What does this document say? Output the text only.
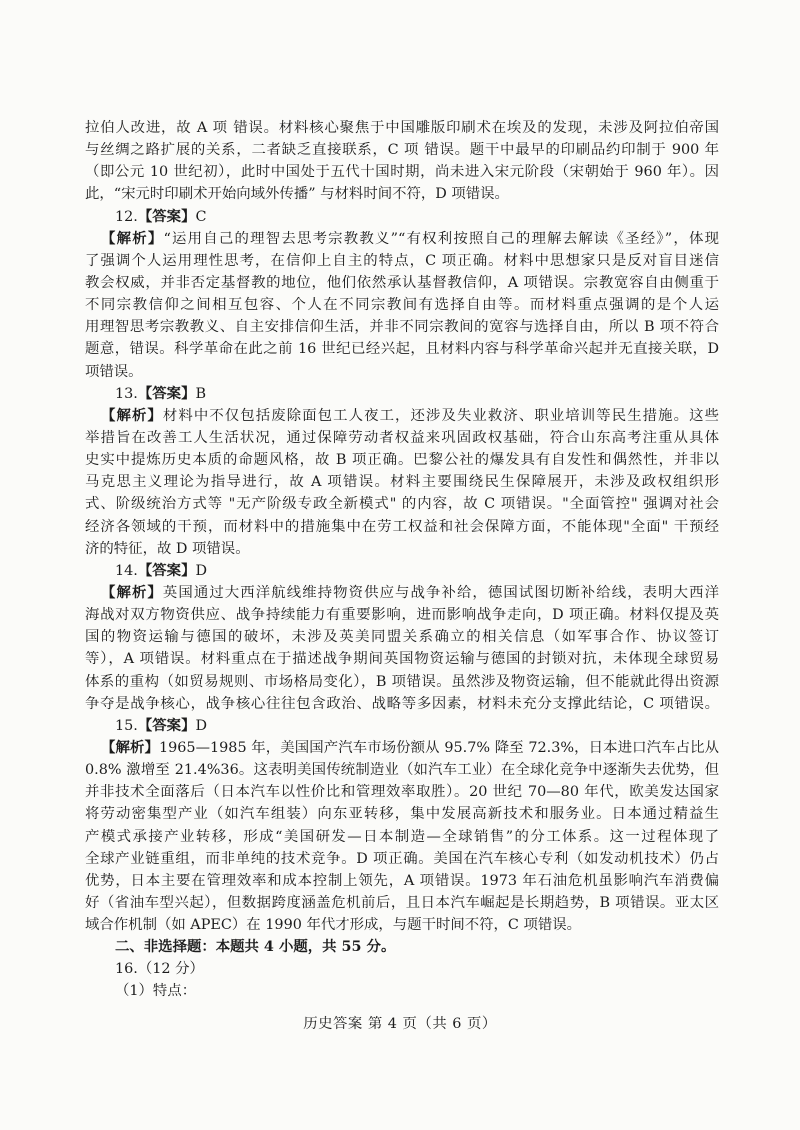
拉伯人改进，故 A 项 错误。材料核心聚焦于中国雕版印刷术在埃及的发现，未涉及阿拉伯帝国
与丝绸之路扩展的关系，二者缺乏直接联系，C 项 错误。题干中最早的印刷品约印制于 900 年
（即公元 10 世纪初），此时中国处于五代十国时期，尚未进入宋元阶段（宋朝始于 960 年）。因
此，“宋元时印刷术开始向域外传播” 与材料时间不符，D 项错误。
12.【答案】C
【解析】“运用自己的理智去思考宗教教义”“有权利按照自己的理解去解读《圣经》”，体现
了强调个人运用理性思考，在信仰上自主的特点，C 项正确。材料中思想家只是反对盲目迷信
教会权威，并非否定基督教的地位，他们依然承认基督教信仰，A 项错误。宗教宽容自由侧重于
不同宗教信仰之间相互包容、个人在不同宗教间有选择自由等。而材料重点强调的是个人运
用理智思考宗教教义、自主安排信仰生活，并非不同宗教间的宽容与选择自由，所以 B 项不符合
题意，错误。科学革命在此之前 16 世纪已经兴起，且材料内容与科学革命兴起并无直接关联，D
项错误。
13.【答案】B
【解析】材料中不仅包括废除面包工人夜工，还涉及失业救济、职业培训等民生措施。这些
举措旨在改善工人生活状况，通过保障劳动者权益来巩固政权基础，符合山东高考注重从具体
史实中提炼历史本质的命题风格，故 B 项正确。巴黎公社的爆发具有自发性和偶然性，并非以
马克思主义理论为指导进行，故 A 项错误。材料主要围绕民生保障展开，未涉及政权组织形
式、阶级统治方式等 "无产阶级专政全新模式" 的内容，故 C 项错误。"全面管控" 强调对社会
经济各领域的干预，而材料中的措施集中在劳工权益和社会保障方面，不能体现"全面" 干预经
济的特征，故 D 项错误。
14.【答案】D
【解析】英国通过大西洋航线维持物资供应与战争补给，德国试图切断补给线，表明大西洋
海战对双方物资供应、战争持续能力有重要影响，进而影响战争走向，D 项正确。材料仅提及英
国的物资运输与德国的破坏，未涉及英美同盟关系确立的相关信息（如军事合作、协议签订
等），A 项错误。材料重点在于描述战争期间英国物资运输与德国的封锁对抗，未体现全球贸易
体系的重构（如贸易规则、市场格局变化），B 项错误。虽然涉及物资运输，但不能就此得出资源
争夺是战争核心，战争核心往往包含政治、战略等多因素，材料未充分支撑此结论，C 项错误。
15.【答案】D
【解析】1965—1985 年，美国国产汽车市场份额从 95.7% 降至 72.3%，日本进口汽车占比从
0.8% 激增至 21.4%36。这表明美国传统制造业（如汽车工业）在全球化竞争中逐渐失去优势，但
并非技术全面落后（日本汽车以性价比和管理效率取胜）。20 世纪 70—80 年代，欧美发达国家
将劳动密集型产业（如汽车组装）向东亚转移，集中发展高新技术和服务业。日本通过精益生
产模式承接产业转移，形成“美国研发—日本制造—全球销售”的分工体系。这一过程体现了
全球产业链重组，而非单纯的技术竞争。D 项正确。美国在汽车核心专利（如发动机技术）仍占
优势，日本主要在管理效率和成本控制上领先，A 项错误。1973 年石油危机虽影响汽车消费偏
好（省油车型兴起），但数据跨度涵盖危机前后，且日本汽车崛起是长期趋势，B 项错误。亚太区
域合作机制（如 APEC）在 1990 年代才形成，与题干时间不符，C 项错误。
二、非选择题：本题共 4 小题，共 55 分。
16.（12 分）
（1）特点：
历史答案 第 4 页（共 6 页）
